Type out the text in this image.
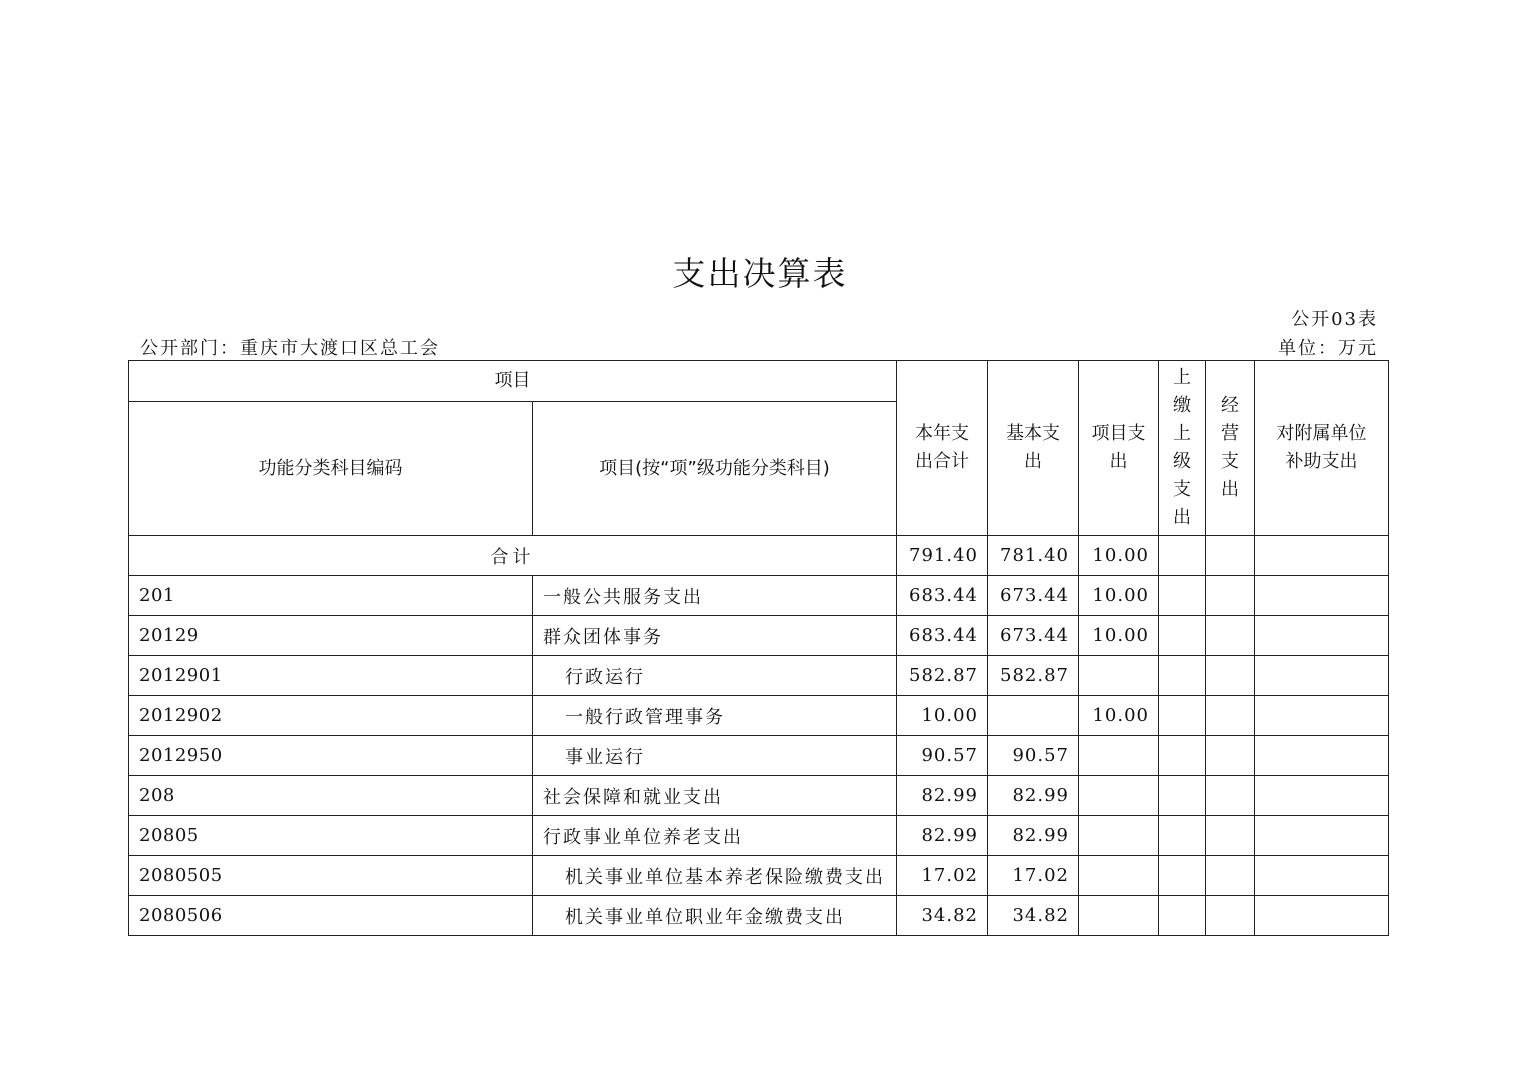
支出决算表
公开03表
公开部门：重庆市大渡口区总工会	单位：万元
项目		本年支出合计	基本支出	项目支出	上缴上级支出	经营支出	对附属单位补助支出
功能分类科目编码	项目(按“项”级功能分类科目)						
合计		791.40	781.40	10.00			
201	一般公共服务支出	683.44	673.44	10.00			
20129	群众团体事务	683.44	673.44	10.00			
2012901	行政运行	582.87	582.87				
2012902	一般行政管理事务	10.00		10.00			
2012950	事业运行	90.57	90.57				
208	社会保障和就业支出	82.99	82.99				
20805	行政事业单位养老支出	82.99	82.99				
2080505	机关事业单位基本养老保险缴费支出	17.02	17.02				
2080506	机关事业单位职业年金缴费支出	34.82	34.82				
